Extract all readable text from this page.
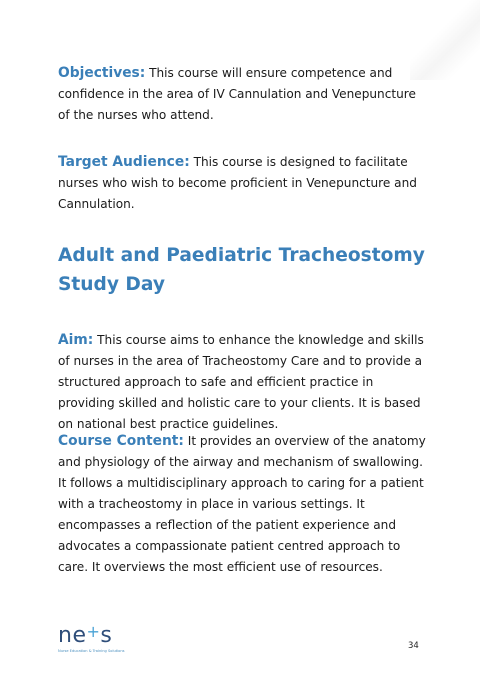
Objectives: This course will ensure competence and confidence in the area of IV Cannulation and Venepuncture of the nurses who attend.

Target Audience: This course is designed to facilitate nurses who wish to become proficient in Venepuncture and Cannulation.

Adult and Paediatric Tracheostomy Study Day

Aim: This course aims to enhance the knowledge and skills of nurses in the area of Tracheostomy Care and to provide a structured approach to safe and efficient practice in providing skilled and holistic care to your clients. It is based on national best practice guidelines.

Course Content: It provides an overview of the anatomy and physiology of the airway and mechanism of swallowing. It follows a multidisciplinary approach to caring for a patient with a tracheostomy in place in various settings. It encompasses a reflection of the patient experience and advocates a compassionate patient centred approach to care. It overviews the most efficient use of resources.

ne+s
Nurse Education & Training Solutions	34
